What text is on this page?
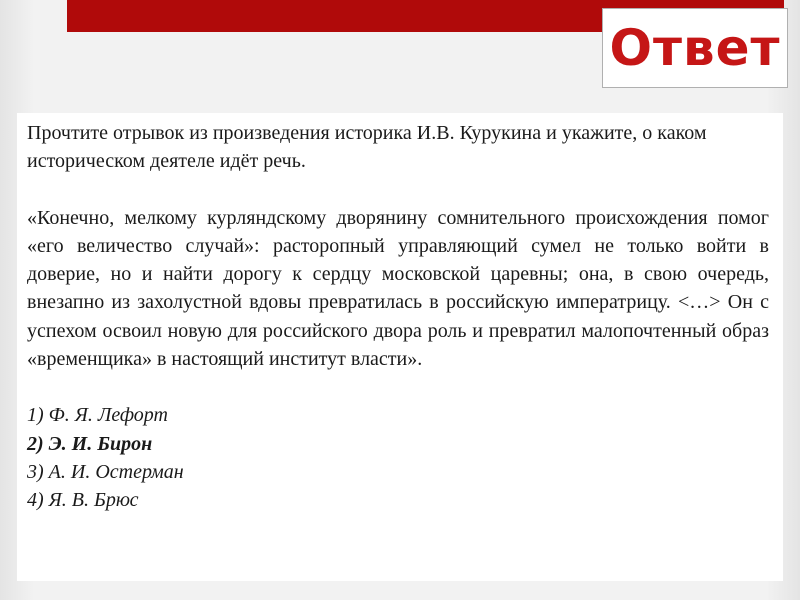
Ответ

Прочтите отрывок из произведения историка И.В. Курукина и укажите, о каком историческом деятеле идёт речь.

«Конечно, мелкому курляндскому дворянину сомнительного происхождения помог «его величество случай»: расторопный управляющий сумел не только войти в доверие, но и найти дорогу к сердцу московской царевны; она, в свою очередь, внезапно из захолустной вдовы превратилась в российскую императрицу. <…> Он с успехом освоил новую для российского двора роль и превратил малопочтенный образ «временщика» в настоящий институт власти».

1) Ф. Я. Лефорт

2) Э. И. Бирон

3) А. И. Остерман

4) Я. В. Брюс
